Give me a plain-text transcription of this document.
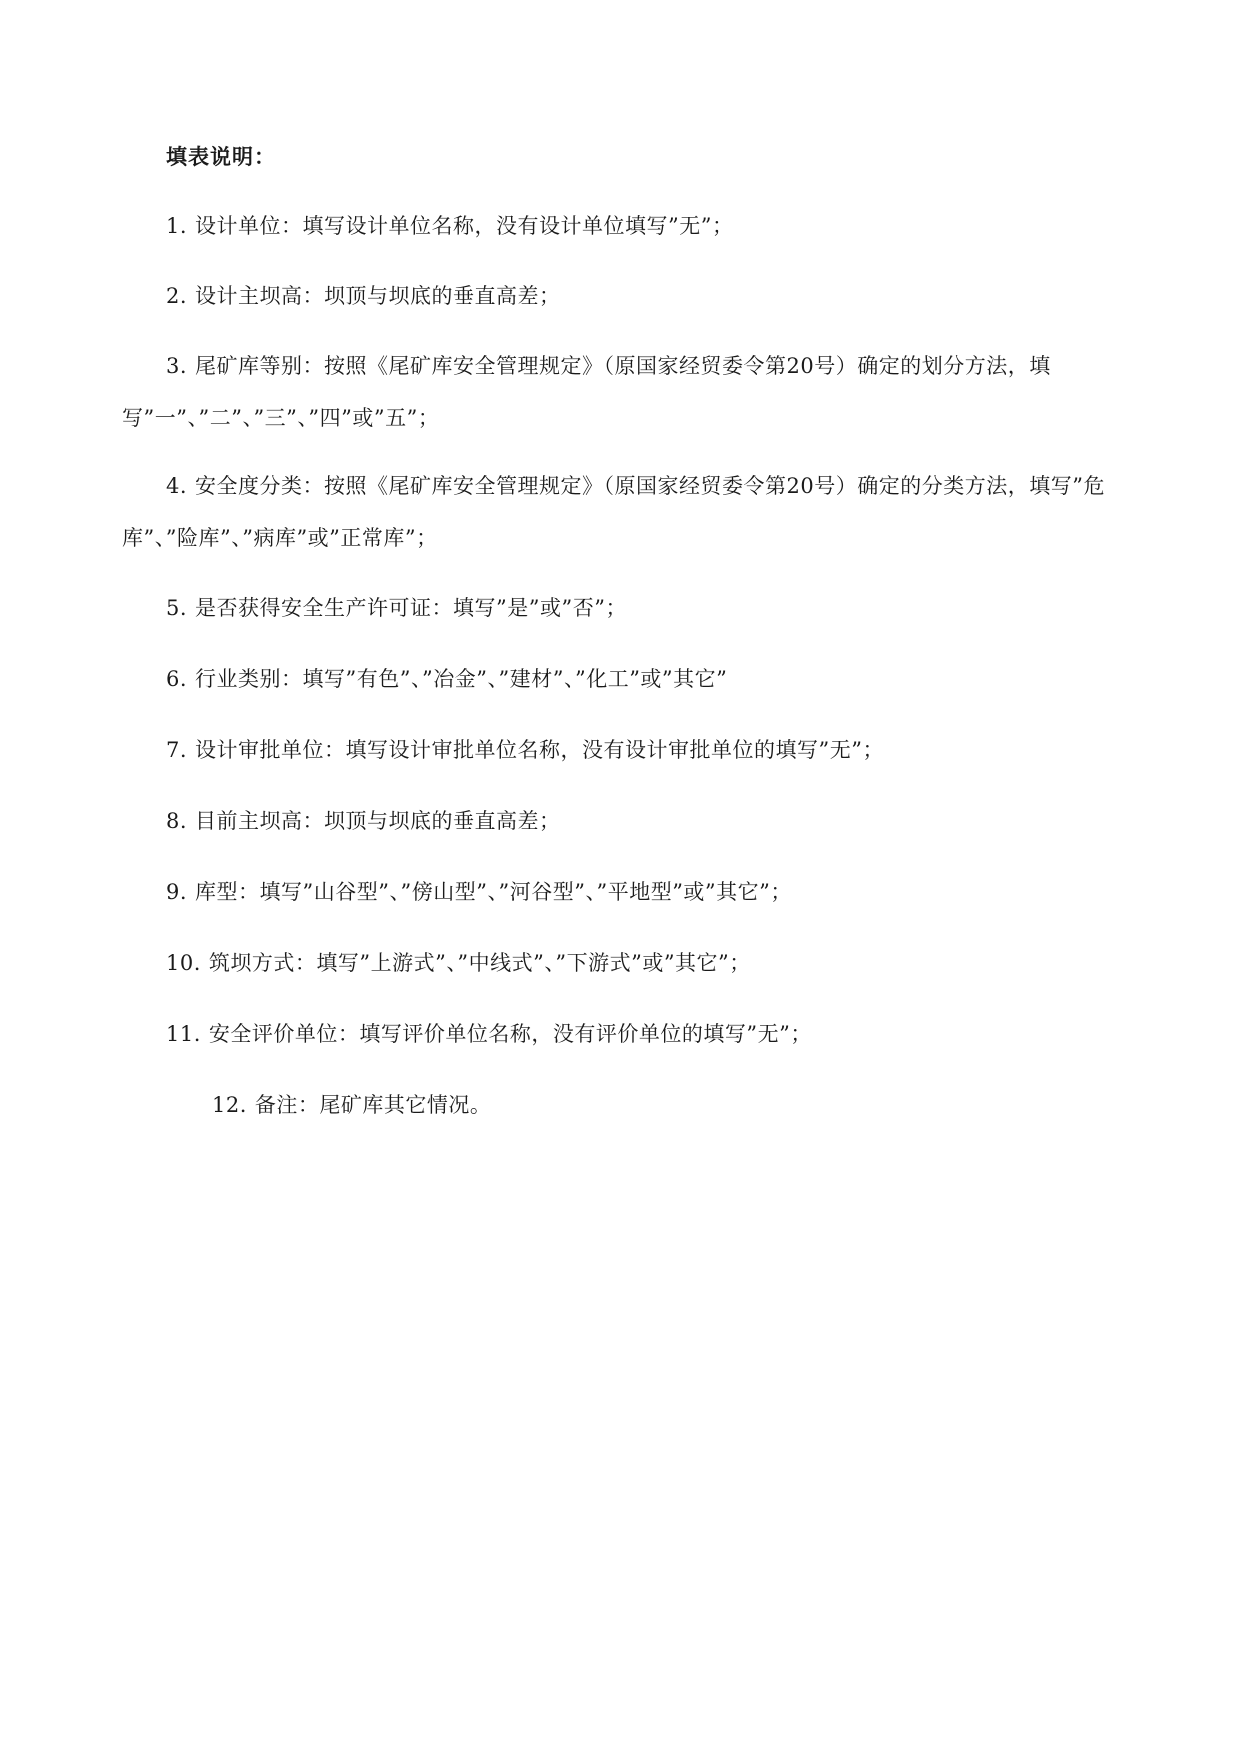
填表说明：
1. 设计单位：填写设计单位名称，没有设计单位填写”无”；
2. 设计主坝高：坝顶与坝底的垂直高差；
3. 尾矿库等别：按照《尾矿库安全管理规定》（原国家经贸委令第20号）确定的划分方法，填写”一”、”二”、”三”、”四”或”五”；
4. 安全度分类：按照《尾矿库安全管理规定》（原国家经贸委令第20号）确定的分类方法，填写”危库”、”险库”、”病库”或”正常库”；
5. 是否获得安全生产许可证：填写”是”或”否”；
6. 行业类别：填写”有色”、”冶金”、”建材”、”化工”或”其它”
7. 设计审批单位：填写设计审批单位名称，没有设计审批单位的填写”无”；
8. 目前主坝高：坝顶与坝底的垂直高差；
9. 库型：填写”山谷型”、”傍山型”、”河谷型”、”平地型”或”其它”；
10. 筑坝方式：填写”上游式”、”中线式”、”下游式”或”其它”；
11. 安全评价单位：填写评价单位名称，没有评价单位的填写”无”；
12. 备注：尾矿库其它情况。
